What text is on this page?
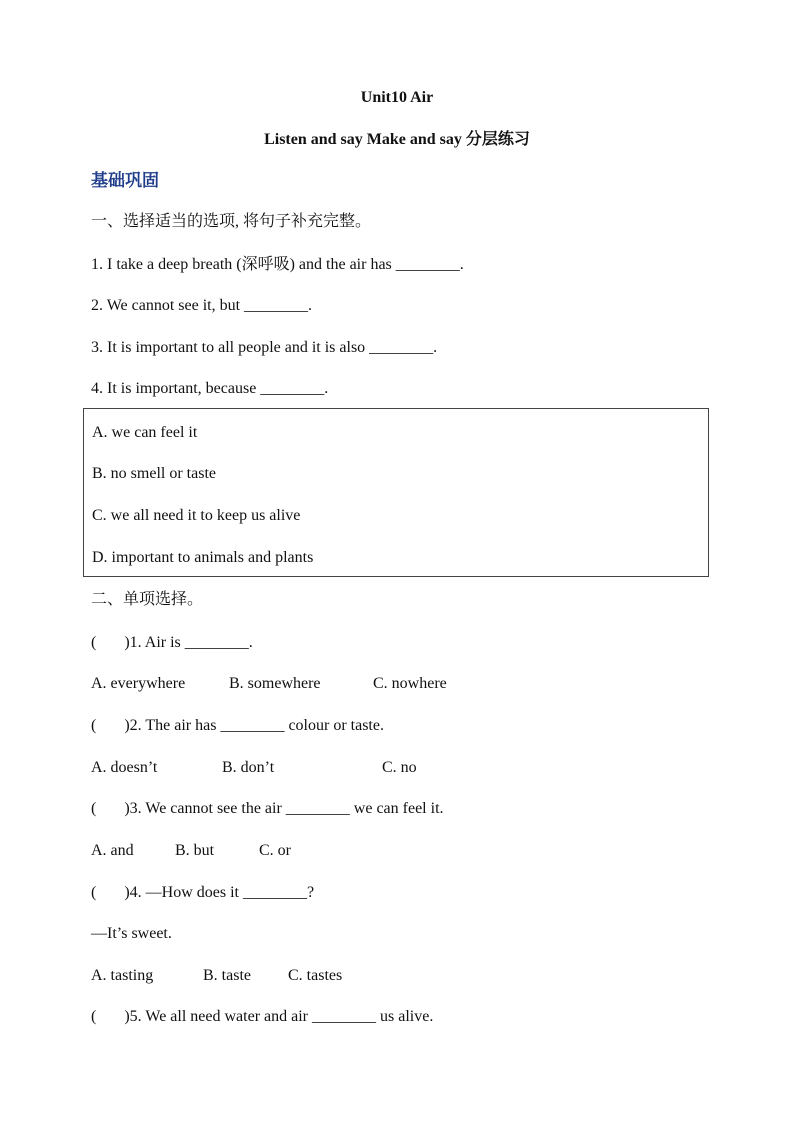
Unit10 Air
Listen and say Make and say 分层练习
基础巩固
一、选择适当的选项, 将句子补充完整。
1. I take a deep breath (深呼吸) and the air has ________.
2. We cannot see it, but ________.
3. It is important to all people and it is also ________.
4. It is important, because ________.
A. we can feel it
B. no smell or taste
C. we all need it to keep us alive
D. important to animals and plants
二、单项选择。
(       )1. Air is ________.
A. everywhere	B. somewhere	C. nowhere
(       )2. The air has ________ colour or taste.
A. doesn’t	B. don’t	C. no
(       )3. We cannot see the air ________ we can feel it.
A. and	B. but	C. or
(       )4. —How does it ________?
—It’s sweet.
A. tasting	B. taste C. tastes
(       )5. We all need water and air ________ us alive.
